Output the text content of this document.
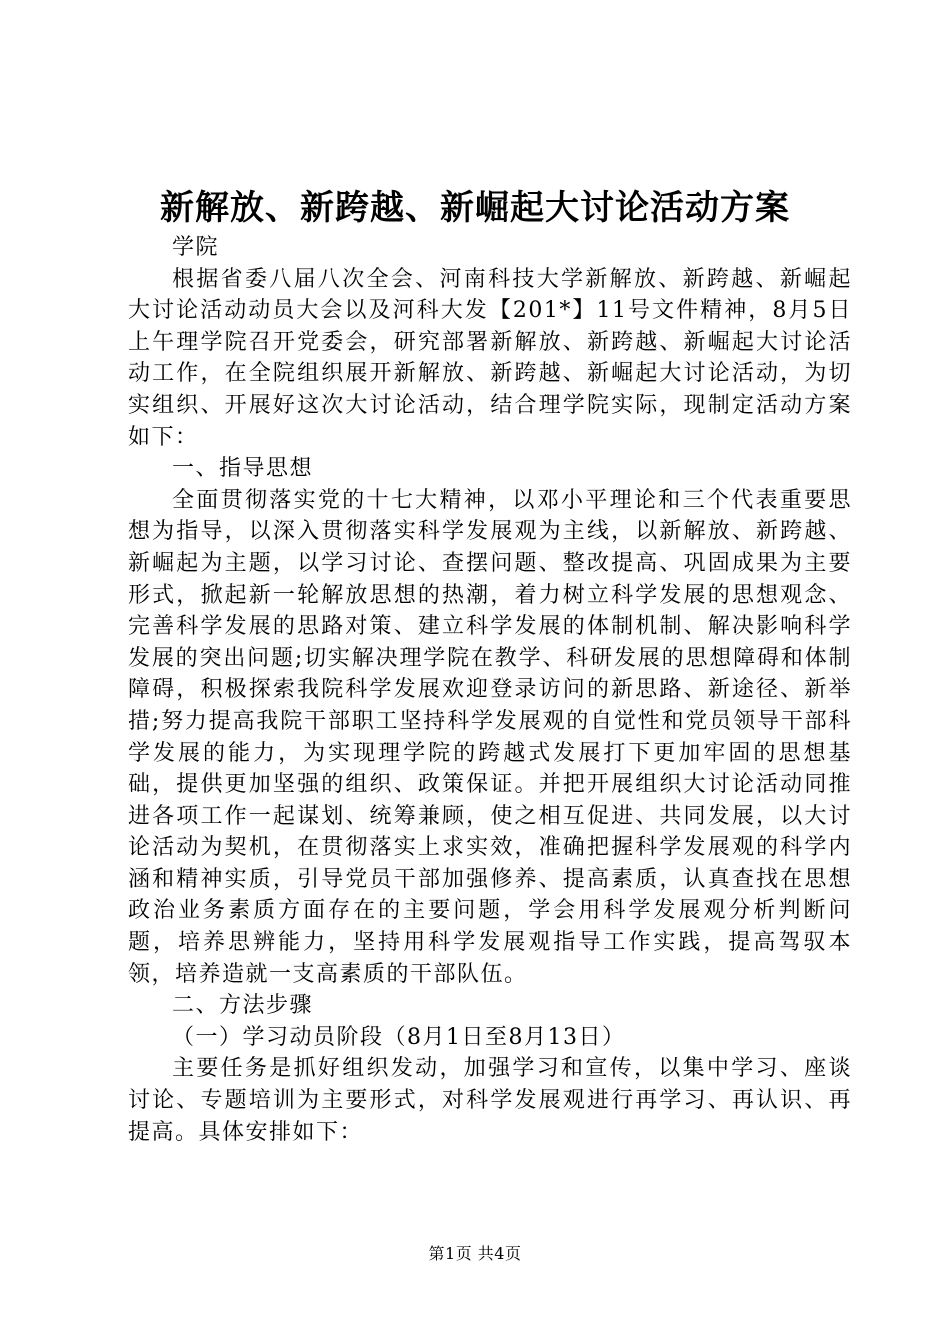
新解放、新跨越、新崛起大讨论活动方案

学院

根据省委八届八次全会、河南科技大学新解放、新跨越、新崛起大讨论活动动员大会以及河科大发【201*】11号文件精神，8月5日上午理学院召开党委会，研究部署新解放、新跨越、新崛起大讨论活动工作，在全院组织展开新解放、新跨越、新崛起大讨论活动，为切实组织、开展好这次大讨论活动，结合理学院实际，现制定活动方案如下：

一、指导思想

全面贯彻落实党的十七大精神，以邓小平理论和三个代表重要思想为指导，以深入贯彻落实科学发展观为主线，以新解放、新跨越、新崛起为主题，以学习讨论、查摆问题、整改提高、巩固成果为主要形式，掀起新一轮解放思想的热潮，着力树立科学发展的思想观念、完善科学发展的思路对策、建立科学发展的体制机制、解决影响科学发展的突出问题;切实解决理学院在教学、科研发展的思想障碍和体制障碍，积极探索我院科学发展欢迎登录访问的新思路、新途径、新举措;努力提高我院干部职工坚持科学发展观的自觉性和党员领导干部科学发展的能力，为实现理学院的跨越式发展打下更加牢固的思想基础，提供更加坚强的组织、政策保证。并把开展组织大讨论活动同推进各项工作一起谋划、统筹兼顾，使之相互促进、共同发展，以大讨论活动为契机，在贯彻落实上求实效，准确把握科学发展观的科学内涵和精神实质，引导党员干部加强修养、提高素质，认真查找在思想政治业务素质方面存在的主要问题，学会用科学发展观分析判断问题，培养思辨能力，坚持用科学发展观指导工作实践，提高驾驭本领，培养造就一支高素质的干部队伍。

二、方法步骤

（一）学习动员阶段（8月1日至8月13日）

主要任务是抓好组织发动，加强学习和宣传，以集中学习、座谈讨论、专题培训为主要形式，对科学发展观进行再学习、再认识、再提高。具体安排如下：

第1页 共4页
